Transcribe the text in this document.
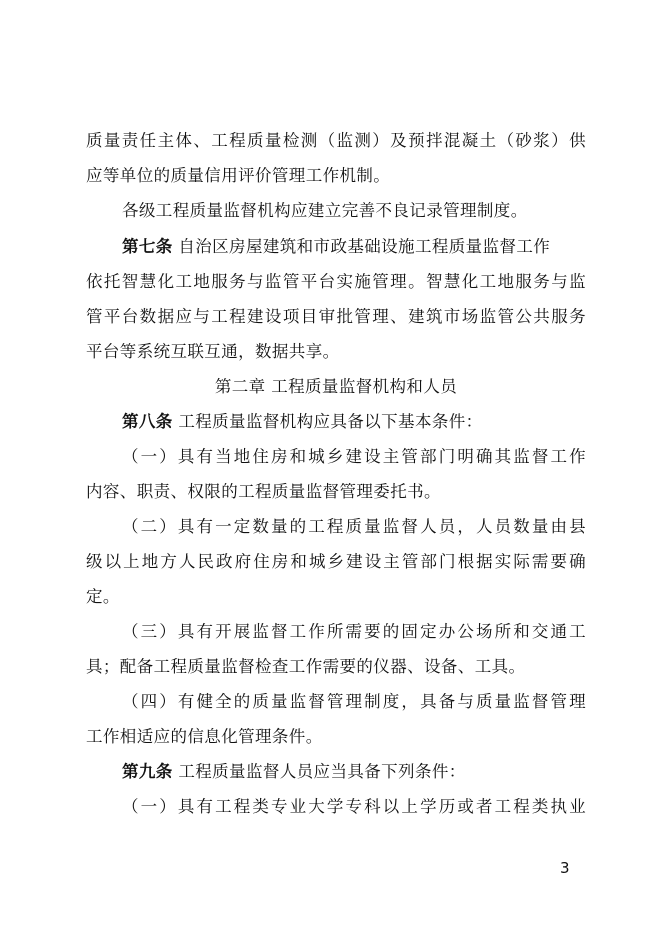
质量责任主体、工程质量检测（监测）及预拌混凝土（砂浆）供
应等单位的质量信用评价管理工作机制。
各级工程质量监督机构应建立完善不良记录管理制度。
第七条 自治区房屋建筑和市政基础设施工程质量监督工作
依托智慧化工地服务与监管平台实施管理。智慧化工地服务与监
管平台数据应与工程建设项目审批管理、建筑市场监管公共服务
平台等系统互联互通，数据共享。
第二章 工程质量监督机构和人员
第八条 工程质量监督机构应具备以下基本条件：
（一）具有当地住房和城乡建设主管部门明确其监督工作
内容、职责、权限的工程质量监督管理委托书。
（二）具有一定数量的工程质量监督人员，人员数量由县
级以上地方人民政府住房和城乡建设主管部门根据实际需要确
定。
（三）具有开展监督工作所需要的固定办公场所和交通工
具；配备工程质量监督检查工作需要的仪器、设备、工具。
（四）有健全的质量监督管理制度，具备与质量监督管理
工作相适应的信息化管理条件。
第九条 工程质量监督人员应当具备下列条件：
（一）具有工程类专业大学专科以上学历或者工程类执业
3
